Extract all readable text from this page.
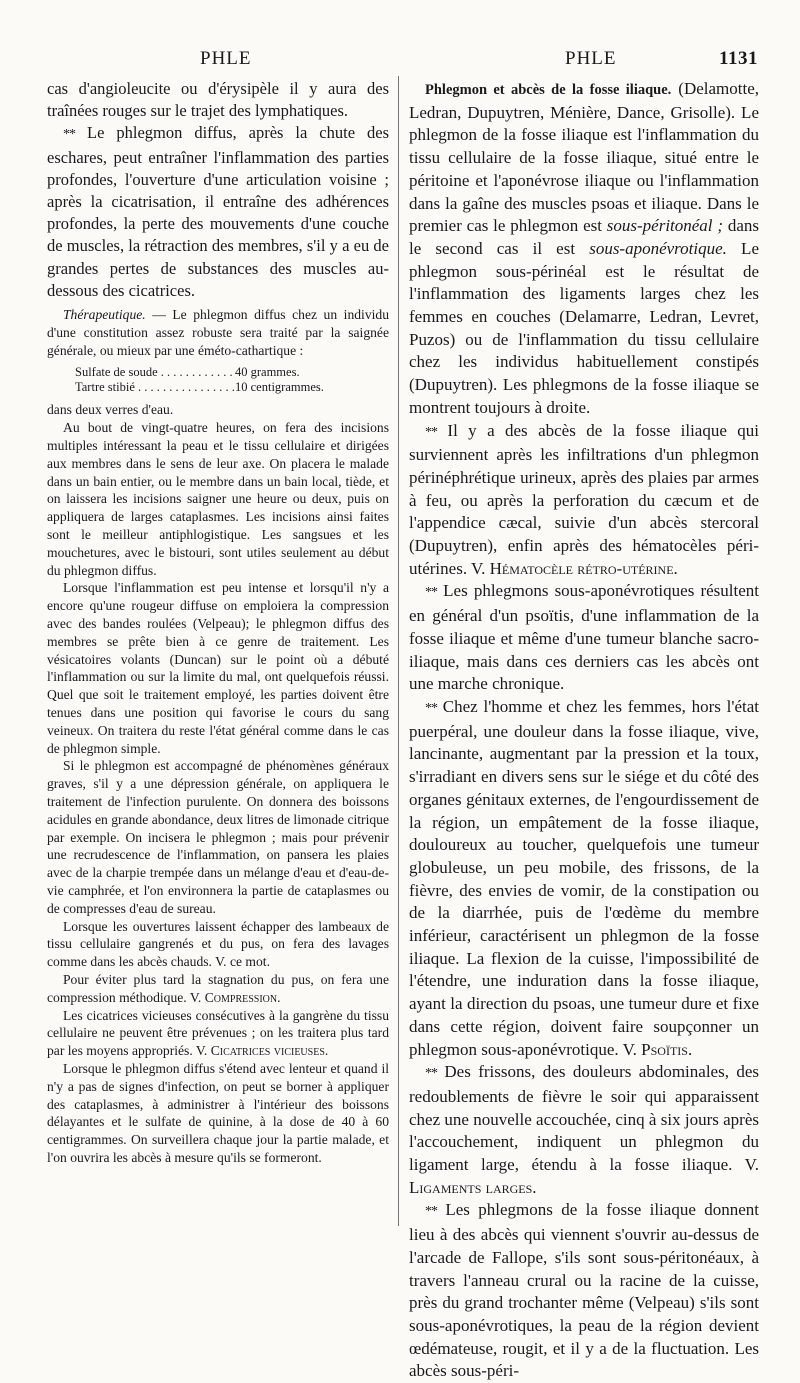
PHLE	PHLE	1131

cas d'angioleucite ou d'érysipèle il y aura des traînées rouges sur le trajet des lymphatiques.

** Le phlegmon diffus, après la chute des eschares, peut entraîner l'inflammation des parties profondes, l'ouverture d'une articulation voisine ; après la cicatrisation, il entraîne des adhérences profondes, la perte des mouvements d'une couche de muscles, la rétraction des membres, s'il y a eu de grandes pertes de substances des muscles au-dessous des cicatrices.

Thérapeutique. — Le phlegmon diffus chez un individu d'une constitution assez robuste sera traité par la saignée générale, ou mieux par une éméto-cathartique :

Sulfate de soude . . .	40 grammes.
Tartre stibié . . .	10 centigrammes.

dans deux verres d'eau.

Au bout de vingt-quatre heures, on fera des incisions multiples intéressant la peau et le tissu cellulaire et dirigées aux membres dans le sens de leur axe. On placera le malade dans un bain entier, ou le membre dans un bain local, tiède, et on laissera les incisions saigner une heure ou deux, puis on appliquera de larges cataplasmes. Les incisions ainsi faites sont le meilleur antiphlogistique. Les sangsues et les mouchetures, avec le bistouri, sont utiles seulement au début du phlegmon diffus.

Lorsque l'inflammation est peu intense et lorsqu'il n'y a encore qu'une rougeur diffuse on emploiera la compression avec des bandes roulées (Velpeau); le phlegmon diffus des membres se prête bien à ce genre de traitement. Les vésicatoires volants (Duncan) sur le point où a débuté l'inflammation ou sur la limite du mal, ont quelquefois réussi. Quel que soit le traitement employé, les parties doivent être tenues dans une position qui favorise le cours du sang veineux. On traitera du reste l'état général comme dans le cas de phlegmon simple.

Si le phlegmon est accompagné de phénomènes généraux graves, s'il y a une dépression générale, on appliquera le traitement de l'infection purulente. On donnera des boissons acidules en grande abondance, deux litres de limonade citrique par exemple. On incisera le phlegmon ; mais pour prévenir une recrudescence de l'inflammation, on pansera les plaies avec de la charpie trempée dans un mélange d'eau et d'eau-de-vie camphrée, et l'on environnera la partie de cataplasmes ou de compresses d'eau de sureau.

Lorsque les ouvertures laissent échapper des lambeaux de tissu cellulaire gangrenés et du pus, on fera des lavages comme dans les abcès chauds. V. ce mot.

Pour éviter plus tard la stagnation du pus, on fera une compression méthodique. V. Compression.

Les cicatrices vicieuses consécutives à la gangrène du tissu cellulaire ne peuvent être prévenues ; on les traitera plus tard par les moyens appropriés. V. Cicatrices vicieuses.

Lorsque le phlegmon diffus s'étend avec lenteur et quand il n'y a pas de signes d'infection, on peut se borner à appliquer des cataplasmes, à administrer à l'intérieur des boissons délayantes et le sulfate de quinine, à la dose de 40 à 60 centigrammes. On surveillera chaque jour la partie malade, et l'on ouvrira les abcès à mesure qu'ils se formeront.

Phlegmon et abcès de la fosse iliaque. (Delamotte, Ledran, Dupuytren, Ménière, Dance, Grisolle). Le phlegmon de la fosse iliaque est l'inflammation du tissu cellulaire de la fosse iliaque, situé entre le péritoine et l'aponévrose iliaque ou l'inflammation dans la gaîne des muscles psoas et iliaque. Dans le premier cas le phlegmon est sous-péritonéal ; dans le second cas il est sous-aponévrotique. Le phlegmon sous-périnéal est le résultat de l'inflammation des ligaments larges chez les femmes en couches (Delamarre, Ledran, Levret, Puzos) ou de l'inflammation du tissu cellulaire chez les individus habituellement constipés (Dupuytren). Les phlegmons de la fosse iliaque se montrent toujours à droite.

** Il y a des abcès de la fosse iliaque qui surviennent après les infiltrations d'un phlegmon périnéphrétique urineux, après des plaies par armes à feu, ou après la perforation du cæcum et de l'appendice cæcal, suivie d'un abcès stercoral (Dupuytren), enfin après des hématocèles péri-utérines. V. Hématocèle rétro-utérine.

** Les phlegmons sous-aponévrotiques résultent en général d'un psoïtis, d'une inflammation de la fosse iliaque et même d'une tumeur blanche sacro-iliaque, mais dans ces derniers cas les abcès ont une marche chronique.

** Chez l'homme et chez les femmes, hors l'état puerpéral, une douleur dans la fosse iliaque, vive, lancinante, augmentant par la pression et la toux, s'irradiant en divers sens sur le siége et du côté des organes génitaux externes, de l'engourdissement de la région, un empâtement de la fosse iliaque, douloureux au toucher, quelquefois une tumeur globuleuse, un peu mobile, des frissons, de la fièvre, des envies de vomir, de la constipation ou de la diarrhée, puis de l'œdème du membre inférieur, caractérisent un phlegmon de la fosse iliaque. La flexion de la cuisse, l'impossibilité de l'étendre, une induration dans la fosse iliaque, ayant la direction du psoas, une tumeur dure et fixe dans cette région, doivent faire soupçonner un phlegmon sous-aponévrotique. V. Psoïtis.

** Des frissons, des douleurs abdominales, des redoublements de fièvre le soir qui apparaissent chez une nouvelle accouchée, cinq à six jours après l'accouchement, indiquent un phlegmon du ligament large, étendu à la fosse iliaque. V. Ligaments larges.

** Les phlegmons de la fosse iliaque donnent lieu à des abcès qui viennent s'ouvrir au-dessus de l'arcade de Fallope, s'ils sont sous-péritonéaux, à travers l'anneau crural ou la racine de la cuisse, près du grand trochanter même (Velpeau) s'ils sont sous-aponévrotiques, la peau de la région devient œdémateuse, rougit, et il y a de la fluctuation. Les abcès sous-péri-
